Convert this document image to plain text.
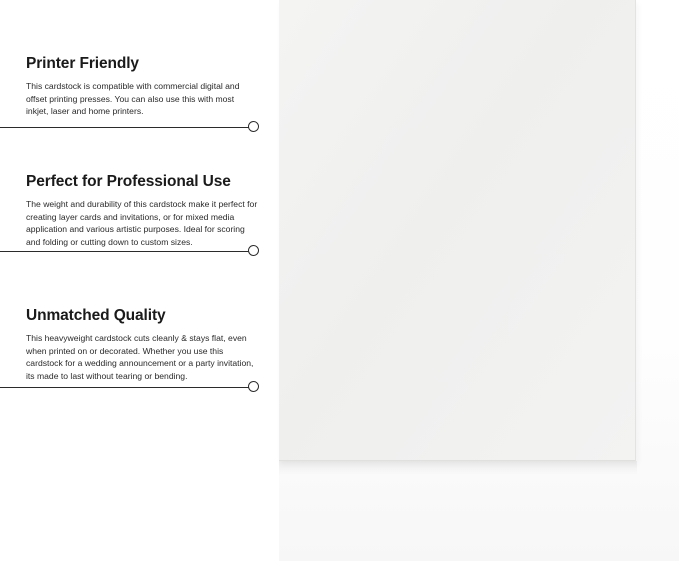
Printer Friendly

This cardstock is compatible with commercial digital and offset printing presses. You can also use this with most inkjet, laser and home printers.

Perfect for Professional Use

The weight and durability of this cardstock make it perfect for creating layer cards and invitations, or for mixed media application and various artistic purposes. Ideal for scoring and folding or cutting down to custom sizes.

Unmatched Quality

This heavyweight cardstock cuts cleanly & stays flat, even when printed on or decorated. Whether you use this cardstock for a wedding announcement or a party invitation, its made to last without tearing or bending.
